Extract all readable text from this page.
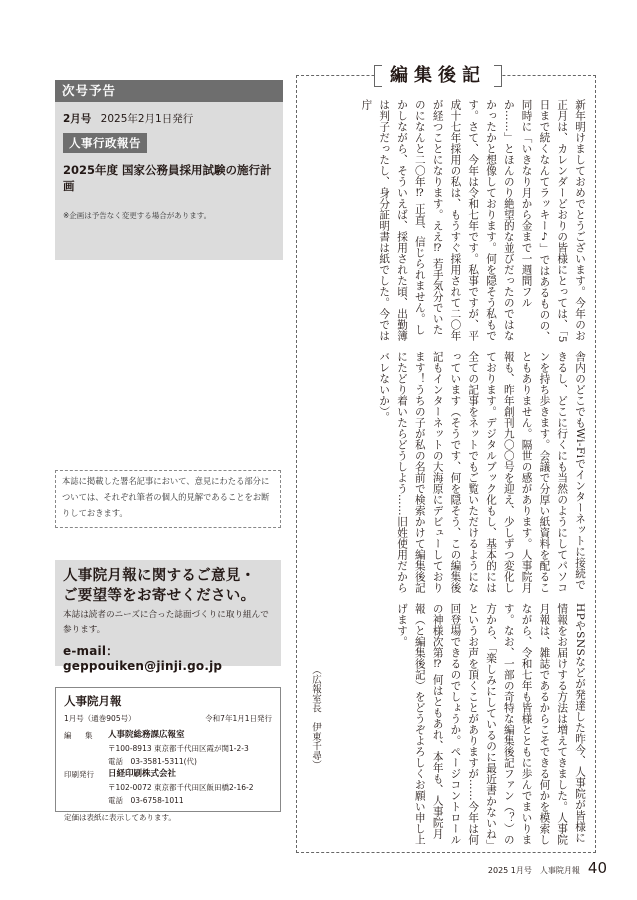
次号予告
2月号 2025年2月1日発行
人事行政報告
2025年度 国家公務員採用試験の施行計画
※企画は予告なく変更する場合があります。
本誌に掲載した署名記事において、意見にわたる部分については、それぞれ筆者の個人的見解であることをお断りしておきます。
人事院月報に関するご意見・
ご要望等をお寄せください。
本誌は読者のニーズに合った誌面づくりに取り組んで参ります。
e-mail：geppouiken@jinji.go.jp
人事院月報
1月号（通巻905号）	令和7年1月1日発行
編　集	人事院総務課広報室
〒100-8913 東京都千代田区霞が関1-2-3
電話　03-3581-5311(代)
印刷発行	日経印刷株式会社
〒102-0072 東京都千代田区飯田橋2-16-2
電話　03-6758-1011
定価は表紙に表示してあります。
編集後記
新年明けましておめでとうございます。今年のお正月は、カレンダーどおりの皆様にとっては、「5日まで続くなんてラッキー♪」ではあるものの、同時に「いきなり月から金まで一週間フル か……」とほんのり絶望的な並びだったのではなかったかと想像しております。何を隠そう私もです。さて、今年は令和七年です。私事ですが、平成十七年採用の私は、もうすぐ採用されて二〇年が経つことになります。ええ⁉ 若手気分でいたのになんと二〇年⁉ 正直、信じられません。しかしながら、そういえば、採用された頃、出勤簿は判子だったし、身分証明書は紙でした。今では庁
舎内のどこでもWi-Fiでインターネットに接続できるし、どこに行くにも当然のようにしてパソコンを持ち歩きます。会議で分厚い紙資料を配ることもありません。隔世の感があります。人事院月報も、昨年創刊九〇〇号を迎え、少しずつ変化しております。デジタルブック化もし、基本的には全ての記事をネットでもご覧いただけるようになっています（そうです、何を隠そう、この編集後記もインターネットの大海原にデビューしております！うちの子が私の名前で検索かけて編集後記にたどり着いたらどうしよう……旧姓使用だからバレないか）。
HPやSNSなどが発達した昨今、人事院が皆様に情報をお届けする方法は増えてきました。人事院月報は、雑誌であるからこそできる何かを模索しながら、令和七年も皆様とともに歩んでまいります。なお、一部の奇特な編集後記ファン（？）の方から、「楽しみにしているのに最近書かないね」というお声を頂くことがありますが……今年は何回登場できるのでしょうか。ページコントロールの神様次第⁉ 何はともあれ、本年も、人事院月報（と編集後記）をどうぞよろしくお願い申し上げます。
（広報室長　伊東千尋）
2025 1月号 人事院月報 40
